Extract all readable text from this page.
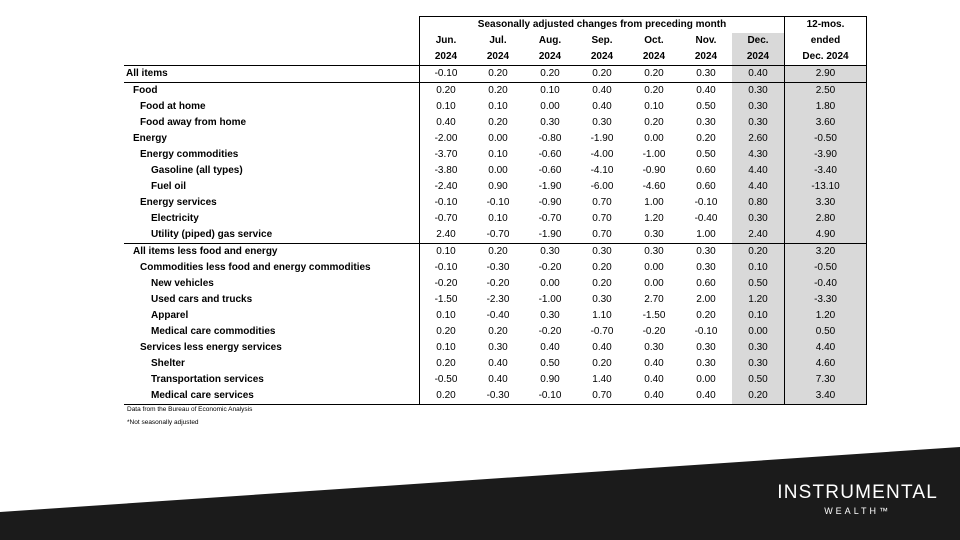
	Seasonally adjusted changes from preceding month							12-mos.
	Jun.	Jul.	Aug.	Sep.	Oct.	Nov.	Dec.	ended
	2024	2024	2024	2024	2024	2024	2024	Dec. 2024
All items	-0.10	0.20	0.20	0.20	0.20	0.30	0.40	2.90
Food	0.20	0.20	0.10	0.40	0.20	0.40	0.30	2.50
Food at home	0.10	0.10	0.00	0.40	0.10	0.50	0.30	1.80
Food away from home	0.40	0.20	0.30	0.30	0.20	0.30	0.30	3.60
Energy	-2.00	0.00	-0.80	-1.90	0.00	0.20	2.60	-0.50
Energy commodities	-3.70	0.10	-0.60	-4.00	-1.00	0.50	4.30	-3.90
Gasoline (all types)	-3.80	0.00	-0.60	-4.10	-0.90	0.60	4.40	-3.40
Fuel oil	-2.40	0.90	-1.90	-6.00	-4.60	0.60	4.40	-13.10
Energy services	-0.10	-0.10	-0.90	0.70	1.00	-0.10	0.80	3.30
Electricity	-0.70	0.10	-0.70	0.70	1.20	-0.40	0.30	2.80
Utility (piped) gas service	2.40	-0.70	-1.90	0.70	0.30	1.00	2.40	4.90
All items less food and energy	0.10	0.20	0.30	0.30	0.30	0.30	0.20	3.20
Commodities less food and energy commodities	-0.10	-0.30	-0.20	0.20	0.00	0.30	0.10	-0.50
New vehicles	-0.20	-0.20	0.00	0.20	0.00	0.60	0.50	-0.40
Used cars and trucks	-1.50	-2.30	-1.00	0.30	2.70	2.00	1.20	-3.30
Apparel	0.10	-0.40	0.30	1.10	-1.50	0.20	0.10	1.20
Medical care commodities	0.20	0.20	-0.20	-0.70	-0.20	-0.10	0.00	0.50
Services less energy services	0.10	0.30	0.40	0.40	0.30	0.30	0.30	4.40
Shelter	0.20	0.40	0.50	0.20	0.40	0.30	0.30	4.60
Transportation services	-0.50	0.40	0.90	1.40	0.40	0.00	0.50	7.30
Medical care services	0.20	-0.30	-0.10	0.70	0.40	0.40	0.20	3.40
Data from the Bureau of Economic Analysis
*Not seasonally adjusted
INSTRUMENTAL
WEALTH™
